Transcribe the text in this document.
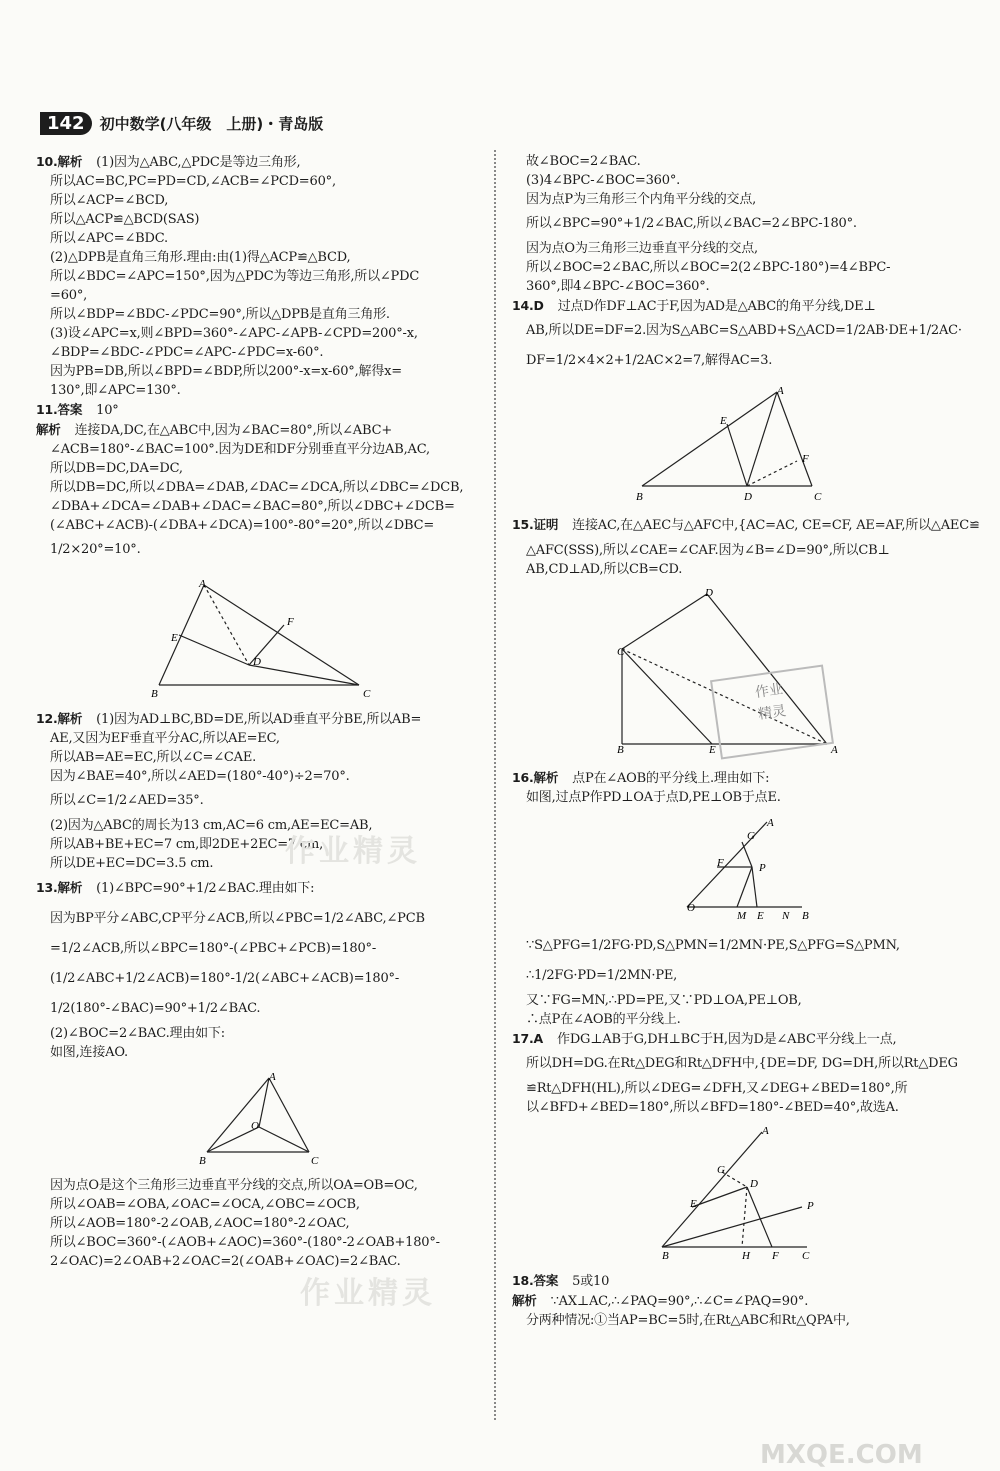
142	初中数学(八年级　上册)・青岛版

10.解析 (1)因为△ABC,△PDC是等边三角形,

所以AC=BC,PC=PD=CD,∠ACB=∠PCD=60°,

所以∠ACP=∠BCD,

所以△ACP≌△BCD(SAS)

所以∠APC=∠BDC.

(2)△DPB是直角三角形.理由:由(1)得△ACP≌△BCD,

所以∠BDC=∠APC=150°,因为△PDC为等边三角形,所以∠PDC

=60°,

所以∠BDP=∠BDC-∠PDC=90°,所以△DPB是直角三角形.

(3)设∠APC=x,则∠BPD=360°-∠APC-∠APB-∠CPD=200°-x,

∠BDP=∠BDC-∠PDC=∠APC-∠PDC=x-60°.

因为PB=DB,所以∠BPD=∠BDP,所以200°-x=x-60°,解得x=

130°,即∠APC=130°.

11.答案 10°

解析 连接DA,DC,在△ABC中,因为∠BAC=80°,所以∠ABC+

∠ACB=180°-∠BAC=100°.因为DE和DF分别垂直平分边AB,AC,

所以DB=DC,DA=DC,

所以DB=DC,所以∠DBA=∠DAB,∠DAC=∠DCA,所以∠DBC=∠DCB,

∠DBA+∠DCA=∠DAB+∠DAC=∠BAC=80°,所以∠DBC+∠DCB=

(∠ABC+∠ACB)-(∠DBA+∠DCA)=100°-80°=20°,所以∠DBC=

1/2×20°=10°.

A
E
F
D
B	C

12.解析 (1)因为AD⊥BC,BD=DE,所以AD垂直平分BE,所以AB=

AE,又因为EF垂直平分AC,所以AE=EC,

所以AB=AE=EC,所以∠C=∠CAE.

因为∠BAE=40°,所以∠AED=(180°-40°)÷2=70°.

所以∠C=1/2∠AED=35°.

(2)因为△ABC的周长为13 cm,AC=6 cm,AE=EC=AB,

所以AB+BE+EC=7 cm,即2DE+2EC=7 cm,

所以DE+EC=DC=3.5 cm.

13.解析 (1)∠BPC=90°+1/2∠BAC.理由如下:

因为BP平分∠ABC,CP平分∠ACB,所以∠PBC=1/2∠ABC,∠PCB

=1/2∠ACB,所以∠BPC=180°-(∠PBC+∠PCB)=180°-

(1/2∠ABC+1/2∠ACB)=180°-1/2(∠ABC+∠ACB)=180°-

1/2(180°-∠BAC)=90°+1/2∠BAC.

(2)∠BOC=2∠BAC.理由如下:

如图,连接AO.

A
O
B	C

因为点O是这个三角形三边垂直平分线的交点,所以OA=OB=OC,

所以∠OAB=∠OBA,∠OAC=∠OCA,∠OBC=∠OCB,

所以∠AOB=180°-2∠OAB,∠AOC=180°-2∠OAC,

所以∠BOC=360°-(∠AOB+∠AOC)=360°-(180°-2∠OAB+180°-

2∠OAC)=2∠OAB+2∠OAC=2(∠OAB+∠OAC)=2∠BAC.

故∠BOC=2∠BAC.

(3)4∠BPC-∠BOC=360°.

因为点P为三角形三个内角平分线的交点,

所以∠BPC=90°+1/2∠BAC,所以∠BAC=2∠BPC-180°.

因为点O为三角形三边垂直平分线的交点,

所以∠BOC=2∠BAC,所以∠BOC=2(2∠BPC-180°)=4∠BPC-

360°,即4∠BPC-∠BOC=360°.

14.D 过点D作DF⊥AC于F,因为AD是△ABC的角平分线,DE⊥

AB,所以DE=DF=2.因为S△ABC=S△ABD+S△ACD=1/2AB·DE+1/2AC·

DF=1/2×4×2+1/2AC×2=7,解得AC=3.

A
E
F
B	D	C

15.证明 连接AC,在△AEC与△AFC中,{AC=AC, CE=CF, AE=AF,所以△AEC≌

△AFC(SSS),所以∠CAE=∠CAF.因为∠B=∠D=90°,所以CB⊥

AB,CD⊥AD,所以CB=CD.

D
C
B	E	A

16.解析 点P在∠AOB的平分线上.理由如下:

如图,过点P作PD⊥OA于点D,PE⊥OB于点E.

A
G
F	P
O
M E N B

∵S△PFG=1/2FG·PD,S△PMN=1/2MN·PE,S△PFG=S△PMN,

∴1/2FG·PD=1/2MN·PE,

又∵FG=MN,∴PD=PE,又∵PD⊥OA,PE⊥OB,

∴点P在∠AOB的平分线上.

17.A 作DG⊥AB于G,DH⊥BC于H,因为D是∠ABC平分线上一点,

所以DH=DG.在Rt△DEG和Rt△DFH中,{DE=DF, DG=DH,所以Rt△DEG

≌Rt△DFH(HL),所以∠DEG=∠DFH,又∠DEG+∠BED=180°,所

以∠BFD+∠BED=180°,所以∠BFD=180°-∠BED=40°,故选A.

A
P
G
E
D
B	H F C

18.答案 5或10

解析 ∵AX⊥AC,∴∠PAQ=90°,∴∠C=∠PAQ=90°.

分两种情况:①当AP=BC=5时,在Rt△ABC和Rt△QPA中,

作业精灵
作业精灵
MXQE.COM
作业
精灵
